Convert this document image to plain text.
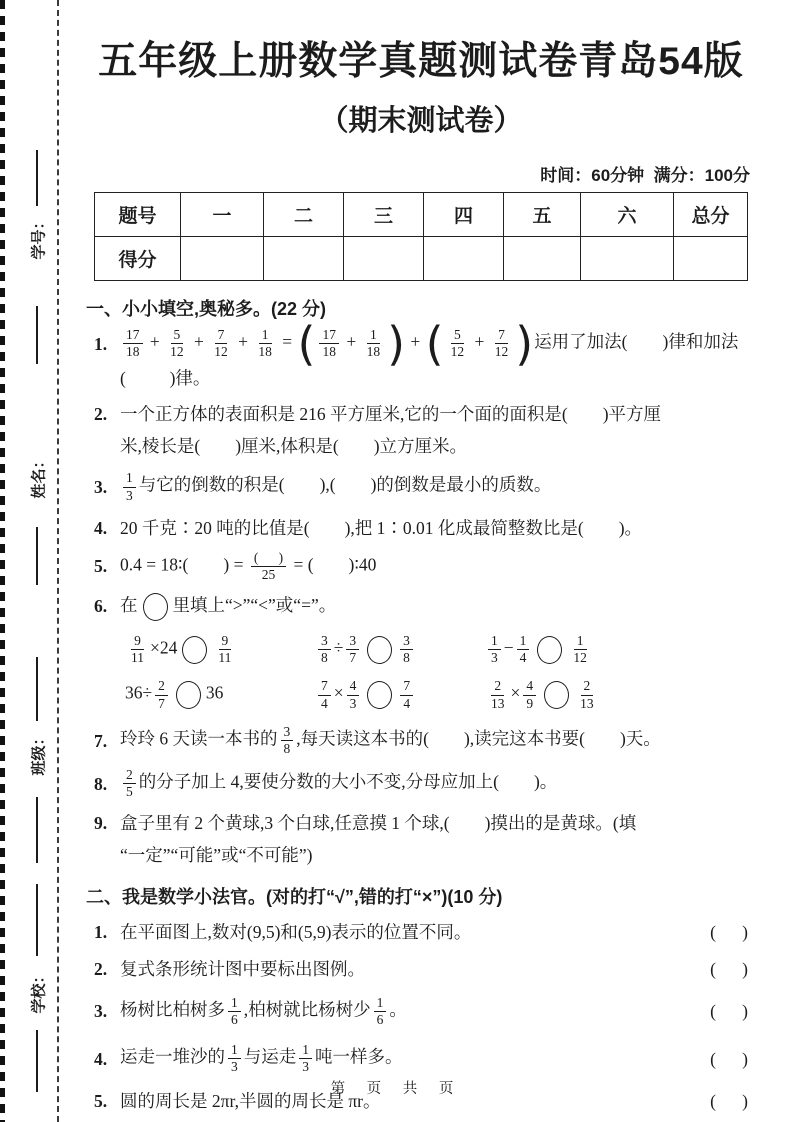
学号：
姓名：
班级：
学校：
五年级上册数学真题测试卷青岛54版
（期末测试卷）
时间：60分钟  满分：100分
题号	一	二	三	四	五	六	总分
得分							
一、小小填空,奥秘多。(22 分)
1.	$\frac{17}{18} + \frac{5}{12} + \frac{7}{12} + \frac{1}{18}$ = ( $\frac{17}{18} + \frac{1}{18}$ ) + ( $\frac{5}{12} + \frac{7}{12}$ )运用了加法(        )律和加法
(          )律。
2. 一个正方体的表面积是 216 平方厘米,它的一个面的面积是(        )平方厘
米,棱长是(        )厘米,体积是(        )立方厘米。
3.	$\frac{1}{3}$ 与它的倒数的积是(        ),(        )的倒数是最小的质数。
4. 20 千克∶20 吨的比值是(        ),把 1∶0.01 化成最简整数比是(        )。
5. 0.4 = 18∶(        ) = $\frac{( )}{25}$ = (        )∶40
6. 在 里填上“>”“<”或“=”。
$\frac{9}{11} \times 24$	$\frac{9}{11}$	$\frac{3}{8} \div \frac{3}{7}$	$\frac{3}{8}$	$\frac{1}{3} - \frac{1}{4}$	$\frac{1}{12}$
$36\div \frac{2}{7} 36$	$\frac{7}{4} \times \frac{4}{3}$	$\frac{7}{4}$	$\frac{2}{13} \times \frac{4}{9}$	$\frac{2}{13}$
7. 玲玲 6 天读一本书的 $\frac{3}{8}$ ,每天读这本书的(        ),读完这本书要(        )天。
8.	$\frac{2}{5}$ 的分子加上 4,要使分数的大小不变,分母应加上(        )。
9. 盒子里有 2 个黄球,3 个白球,任意摸 1 个球,(        )摸出的是黄球。(填
“一定”“可能”或“不可能”)
二、我是数学小法官。(对的打“√”,错的打“×”)(10 分)
1. 在平面图上,数对(9,5)和(5,9)表示的位置不同。	(      )
2. 复式条形统计图中要标出图例。	(      )
3. 杨树比柏树多 $\frac{1}{6}$ ,柏树就比杨树少 $\frac{1}{6}$ 。	(      )
4. 运走一堆沙的 $\frac{1}{3}$ 与运走 $\frac{1}{3}$ 吨一样多。	(      )
5. 圆的周长是 2πr,半圆的周长是 πr。	(      )
第 页 共 页
